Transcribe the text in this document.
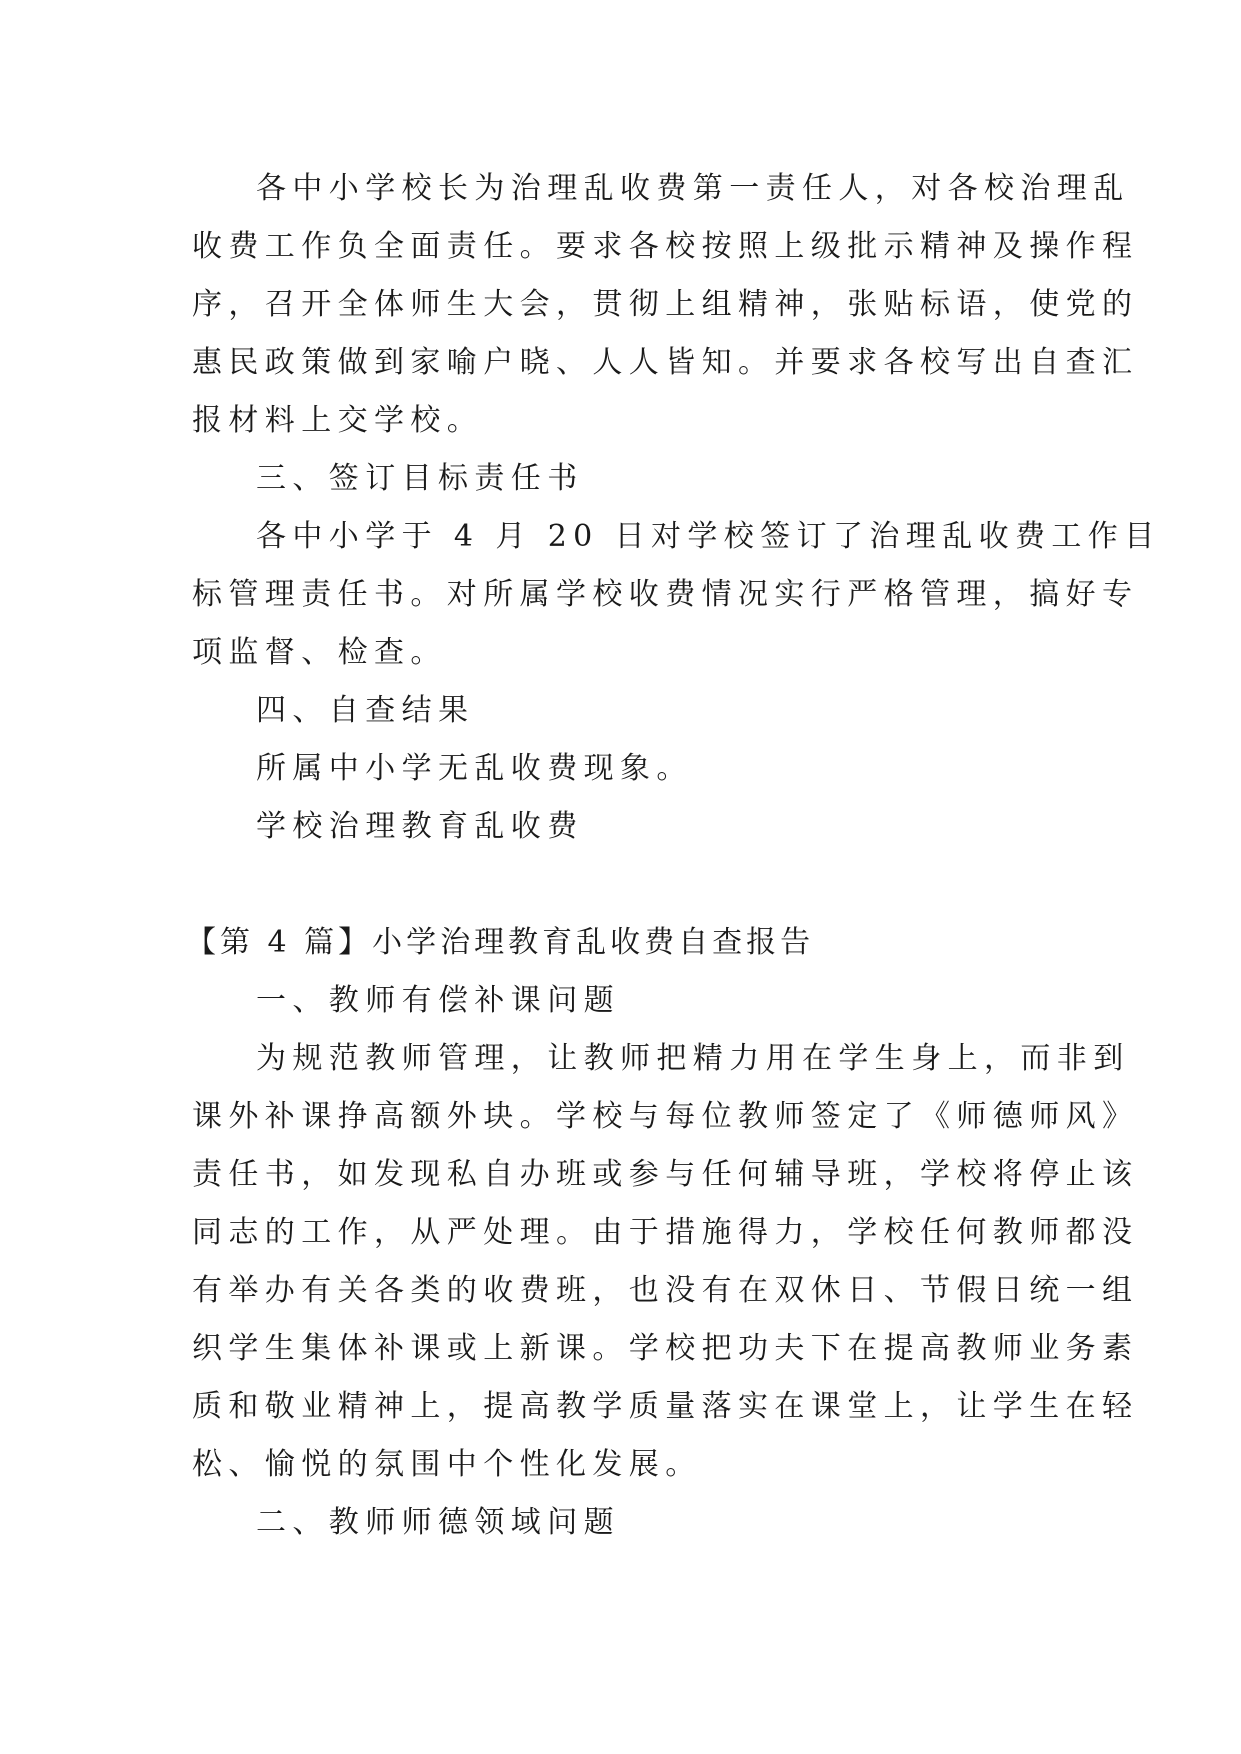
各中小学校长为治理乱收费第一责任人，对各校治理乱
收费工作负全面责任。要求各校按照上级批示精神及操作程
序，召开全体师生大会，贯彻上组精神，张贴标语，使党的
惠民政策做到家喻户晓、人人皆知。并要求各校写出自查汇
报材料上交学校。
三、签订目标责任书
各中小学于 4 月 20 日对学校签订了治理乱收费工作目
标管理责任书。对所属学校收费情况实行严格管理，搞好专
项监督、检查。
四、自查结果
所属中小学无乱收费现象。
学校治理教育乱收费
【第 4 篇】小学治理教育乱收费自查报告
一、教师有偿补课问题
为规范教师管理，让教师把精力用在学生身上，而非到
课外补课挣高额外块。学校与每位教师签定了《师德师风》
责任书，如发现私自办班或参与任何辅导班，学校将停止该
同志的工作，从严处理。由于措施得力，学校任何教师都没
有举办有关各类的收费班，也没有在双休日、节假日统一组
织学生集体补课或上新课。学校把功夫下在提高教师业务素
质和敬业精神上，提高教学质量落实在课堂上，让学生在轻
松、愉悦的氛围中个性化发展。
二、教师师德领域问题
